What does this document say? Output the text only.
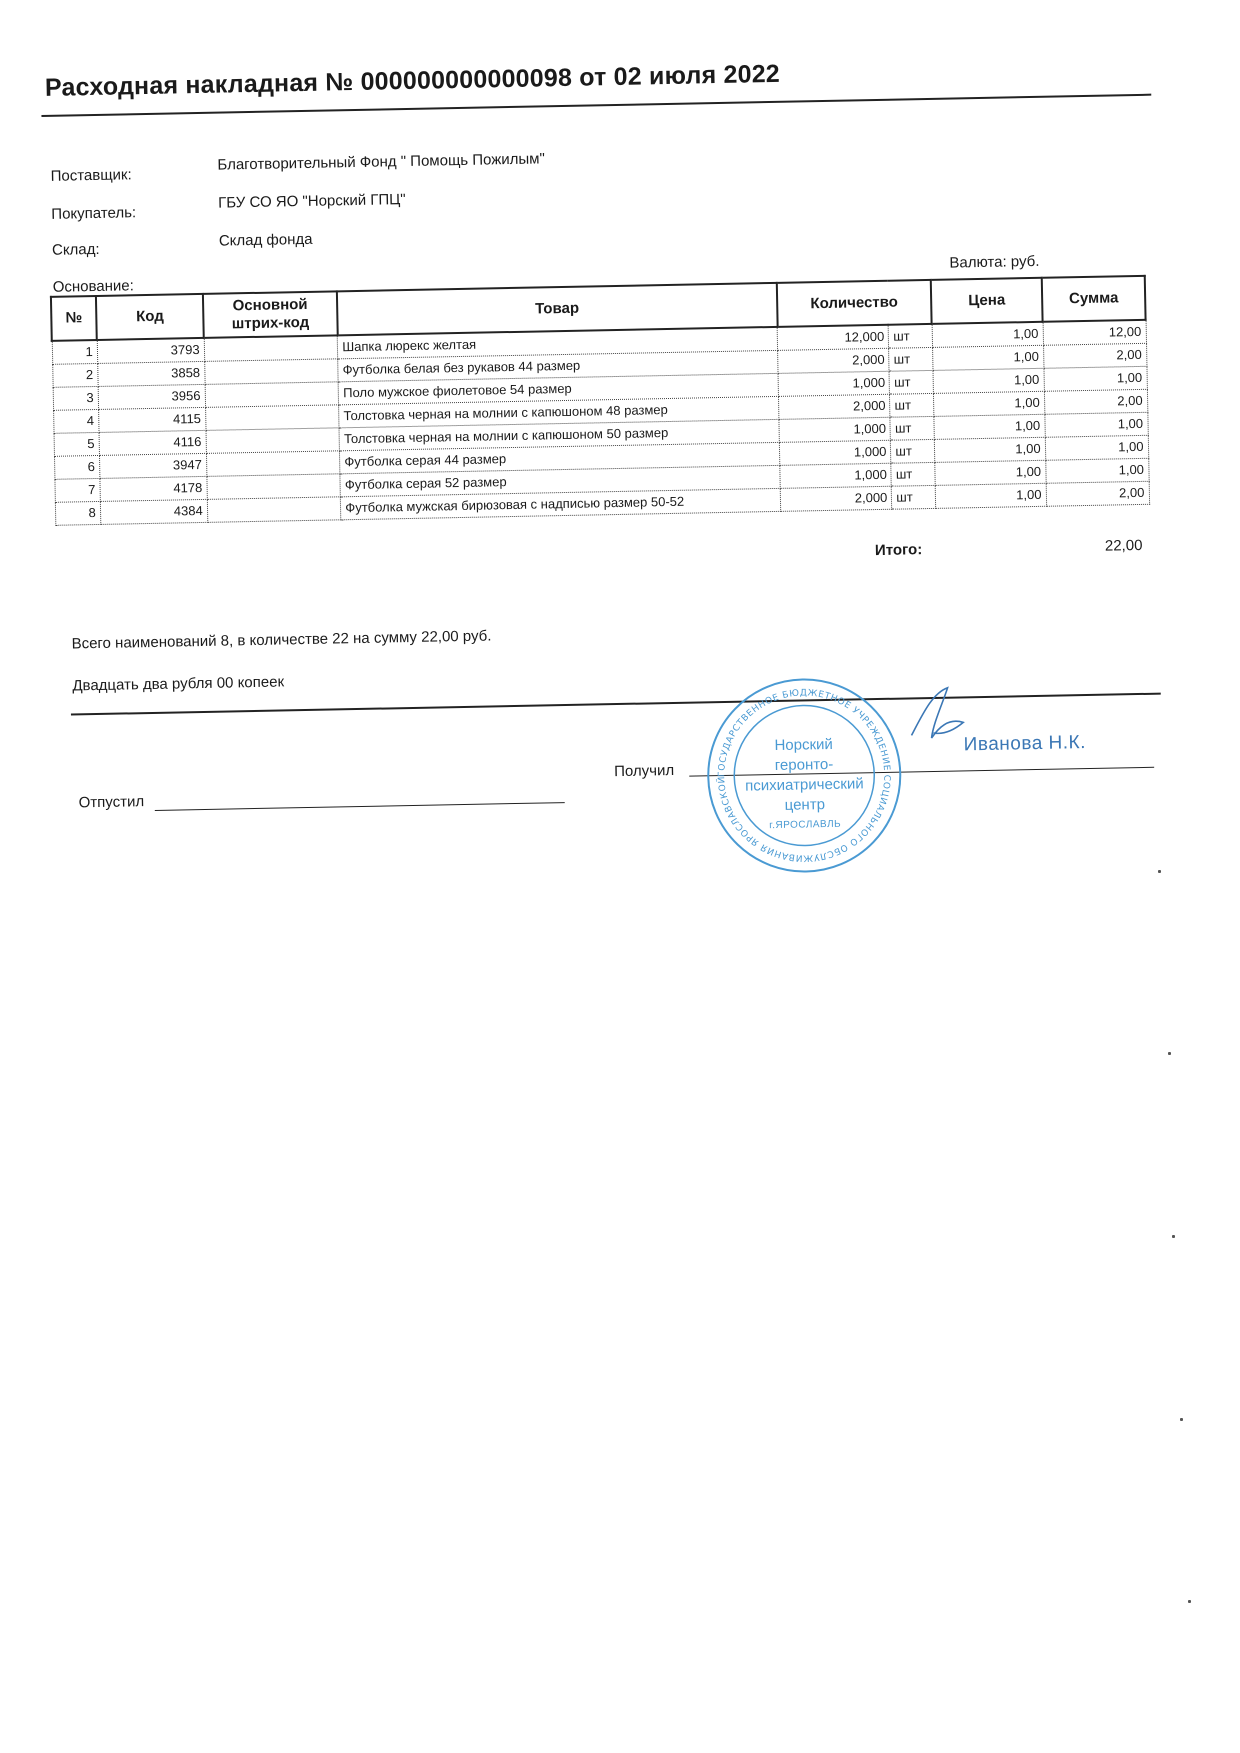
Расходная накладная № 000000000000098 от 02 июля 2022
Поставщик:
Благотворительный Фонд " Помощь Пожилым"
Покупатель:
ГБУ СО ЯО "Норский ГПЦ"
Склад:
Склад фонда
Основание:
Валюта: руб.
№	Код	Основной штрих-код	Товар	Количество		Цена	Сумма
1	3793		Шапка люрекс желтая	12,000	шт	1,00	12,00
2	3858		Футболка белая без рукавов 44 размер	2,000	шт	1,00	2,00
3	3956		Поло мужское фиолетовое 54 размер	1,000	шт	1,00	1,00
4	4115		Толстовка черная на молнии с капюшоном 48 размер	2,000	шт	1,00	2,00
5	4116		Толстовка черная на молнии с капюшоном 50 размер	1,000	шт	1,00	1,00
6	3947		Футболка серая 44 размер	1,000	шт	1,00	1,00
7	4178		Футболка серая 52 размер	1,000	шт	1,00	1,00
8	4384		Футболка мужская бирюзовая с надписью размер 50-52	2,000	шт	1,00	2,00
Итого:	22,00
Всего наименований 8, в количестве 22 на сумму 22,00 руб.
Двадцать два рубля 00 копеек
Отпустил
Получил
Иванова Н.К.
ГОСУДАРСТВЕННОЕ БЮДЖЕТНОЕ УЧРЕЖДЕНИЕ СОЦИАЛЬНОГО ОБСЛУЖИВАНИЯ ЯРОСЛАВСКОЙ ОБЛАСТИ
Норский
геронто-
психиатрический
центр
г.ЯРОСЛАВЛЬ
